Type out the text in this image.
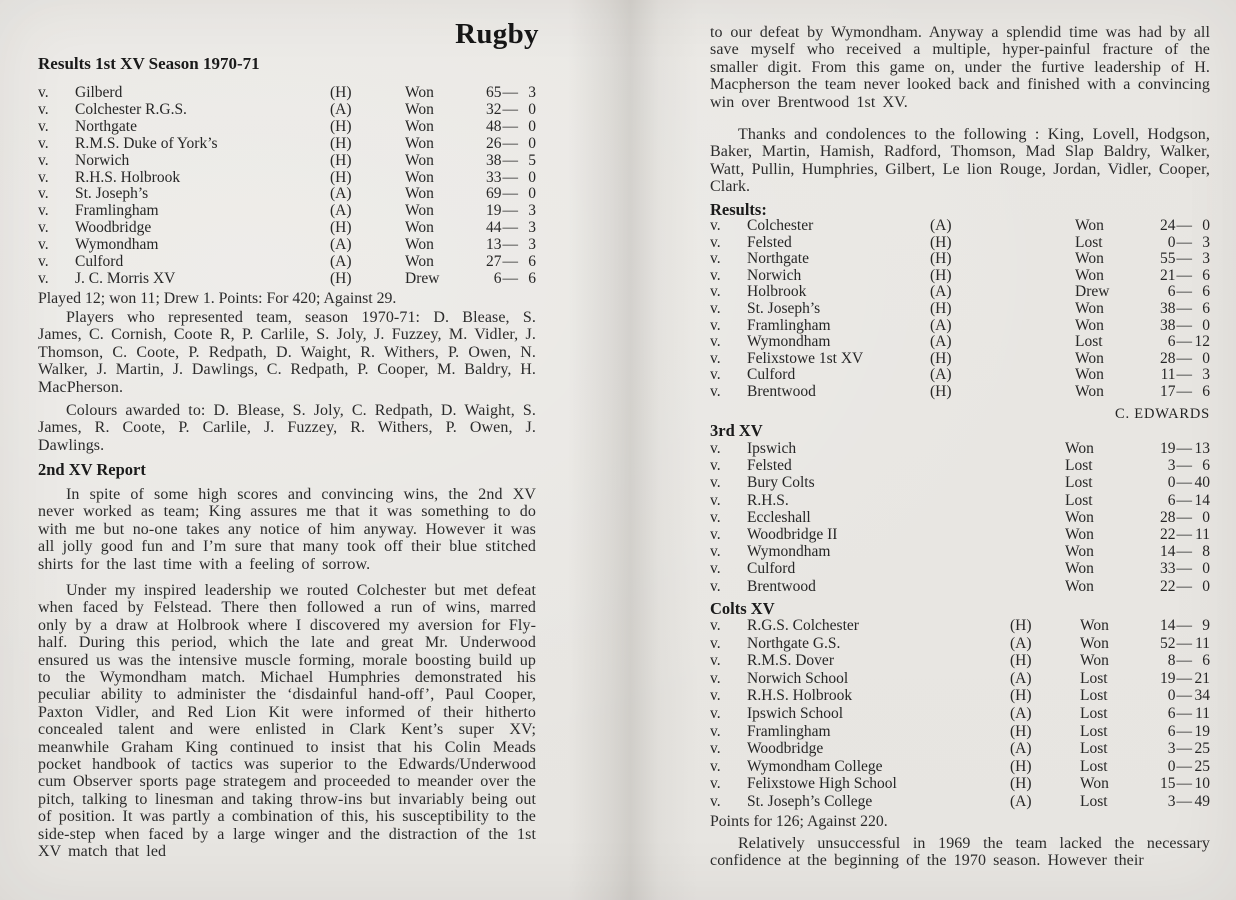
Rugby
Results 1st XV Season 1970-71
v.	Gilberd	(H)	Won	65— 3
v.	Colchester R.G.S.	(A)	Won	32— 0
v.	Northgate	(H)	Won	48— 0
v.	R.M.S. Duke of York’s	(H)	Won	26— 0
v.	Norwich	(H)	Won	38— 5
v.	R.H.S. Holbrook	(H)	Won	33— 0
v.	St. Joseph’s	(A)	Won	69— 0
v.	Framlingham	(A)	Won	19— 3
v.	Woodbridge	(H)	Won	44— 3
v.	Wymondham	(A)	Won	13— 3
v.	Culford	(A)	Won	27— 6
v.	J. C. Morris XV	(H)	Drew	6— 6
Played 12; won 11; Drew 1. Points: For 420; Against 29.
Players who represented team, season 1970-71: D. Blease, S. James, C. Cornish, Coote R, P. Carlile, S. Joly, J. Fuzzey, M. Vidler, J. Thomson, C. Coote, P. Redpath, D. Waight, R. Withers, P. Owen, N. Walker, J. Martin, J. Dawlings, C. Redpath, P. Cooper, M. Baldry, H. MacPherson.
Colours awarded to: D. Blease, S. Joly, C. Redpath, D. Waight, S. James, R. Coote, P. Carlile, J. Fuzzey, R. Withers, P. Owen, J. Dawlings.
2nd XV Report
In spite of some high scores and convincing wins, the 2nd XV never worked as team; King assures me that it was something to do with me but no-one takes any notice of him anyway. However it was all jolly good fun and I’m sure that many took off their blue stitched shirts for the last time with a feeling of sorrow.
Under my inspired leadership we routed Colchester but met defeat when faced by Felstead. There then followed a run of wins, marred only by a draw at Holbrook where I discovered my aversion for Fly-half. During this period, which the late and great Mr. Underwood ensured us was the intensive muscle forming, morale boosting build up to the Wymondham match. Michael Humphries demonstrated his peculiar ability to administer the ‘disdainful hand-off’, Paul Cooper, Paxton Vidler, and Red Lion Kit were informed of their hitherto concealed talent and were enlisted in Clark Kent’s super XV; meanwhile Graham King continued to insist that his Colin Meads pocket handbook of tactics was superior to the Edwards/Underwood cum Observer sports page strategem and proceeded to meander over the pitch, talking to linesman and taking throw-ins but invariably being out of position. It was partly a combination of this, his susceptibility to the side-step when faced by a large winger and the distraction of the 1st XV match that led
to our defeat by Wymondham. Anyway a splendid time was had by all save myself who received a multiple, hyper-painful fracture of the smaller digit. From this game on, under the furtive leadership of H. Macpherson the team never looked back and finished with a convincing win over Brentwood 1st XV.
Thanks and condolences to the following : King, Lovell, Hodgson, Baker, Martin, Hamish, Radford, Thomson, Mad Slap Baldry, Walker, Watt, Pullin, Humphries, Gilbert, Le lion Rouge, Jordan, Vidler, Cooper, Clark.
Results:
v.	Colchester	(A)	Won	24— 0
v.	Felsted	(H)	Lost	0— 3
v.	Northgate	(H)	Won	55— 3
v.	Norwich	(H)	Won	21— 6
v.	Holbrook	(A)	Drew	6— 6
v.	St. Joseph’s	(H)	Won	38— 6
v.	Framlingham	(A)	Won	38— 0
v.	Wymondham	(A)	Lost	6— 12
v.	Felixstowe 1st XV	(H)	Won	28— 0
v.	Culford	(A)	Won	11— 3
v.	Brentwood	(H)	Won	17— 6
C. EDWARDS
3rd XV
v.	Ipswich	Won	19— 13
v.	Felsted	Lost	3— 6
v.	Bury Colts	Lost	0— 40
v.	R.H.S.	Lost	6— 14
v.	Eccleshall	Won	28— 0
v.	Woodbridge II	Won	22— 11
v.	Wymondham	Won	14— 8
v.	Culford	Won	33— 0
v.	Brentwood	Won	22— 0
Colts XV
v.	R.G.S. Colchester	(H)	Won	14— 9
v.	Northgate G.S.	(A)	Won	52— 11
v.	R.M.S. Dover	(H)	Won	8— 6
v.	Norwich School	(A)	Lost	19— 21
v.	R.H.S. Holbrook	(H)	Lost	0— 34
v.	Ipswich School	(A)	Lost	6— 11
v.	Framlingham	(H)	Lost	6— 19
v.	Woodbridge	(A)	Lost	3— 25
v.	Wymondham College	(H)	Lost	0— 25
v.	Felixstowe High School	(H)	Won	15— 10
v.	St. Joseph’s College	(A)	Lost	3— 49
Points for 126; Against 220.
Relatively unsuccessful in 1969 the team lacked the necessary confidence at the beginning of the 1970 season. However their
